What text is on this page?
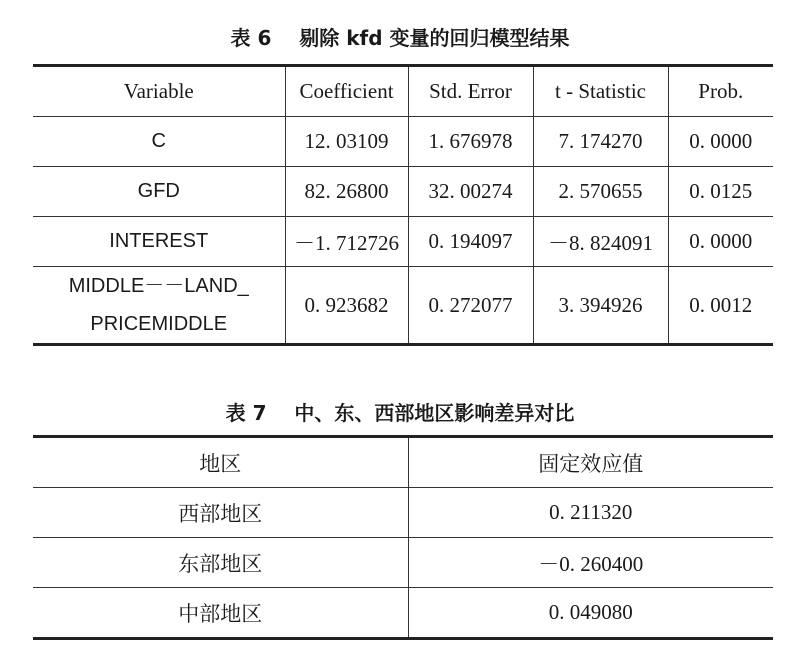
表 6    剔除 kfd 变量的回归模型结果
Variable	Coefficient	Std. Error	t - Statistic	Prob.
C	12. 03109	1. 676978	7. 174270	0. 0000
GFD	82. 26800	32. 00274	2. 570655	0. 0125
INTEREST	－1. 712726	0. 194097	－8. 824091	0. 0000

MIDDLE－－LAND_
PRICEMIDDLE	0. 923682	0. 272077	3. 394926	0. 0012
表 7    中、东、西部地区影响差异对比
地区	固定效应值
西部地区	0. 211320
东部地区	－0. 260400
中部地区	0. 049080
